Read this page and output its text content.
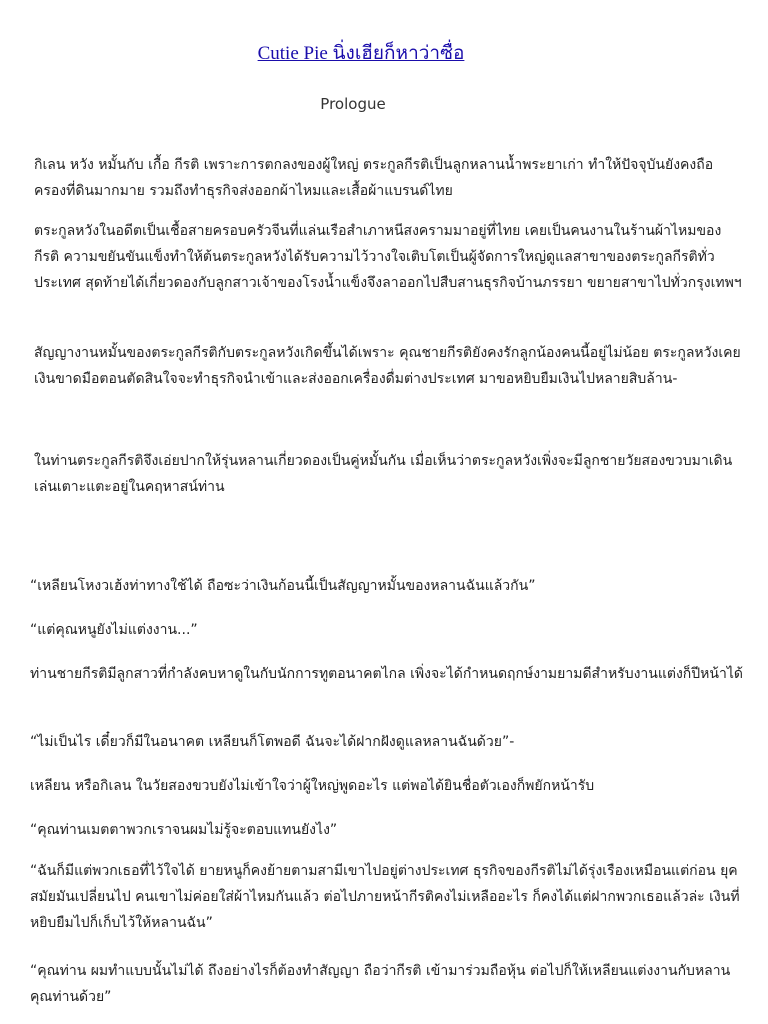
Cutie Pie นิ่งเฮียก็หาว่าซื่อ
Prologue

กิเลน หวัง หมั้นกับ เกื้อ กีรติ เพราะการตกลงของผู้ใหญ่ ตระกูลกีรติเป็นลูกหลานน้ำพระยาเก่า ทำให้ปัจจุบันยังคงถือครองที่ดินมากมาย รวมถึงทำธุรกิจส่งออกผ้าไหมและเสื้อผ้าแบรนด์ไทย

ตระกูลหวังในอดีตเป็นเชื้อสายครอบครัวจีนที่แล่นเรือสำเภาหนีสงครามมาอยู่ที่ไทย เคยเป็นคนงานในร้านผ้าไหมของกีรติ ความขยันขันแข็งทำให้ต้นตระกูลหวังได้รับความไว้วางใจเติบโตเป็นผู้จัดการใหญ่ดูแลสาขาของตระกูลกีรติทั่วประเทศ สุดท้ายได้เกี่ยวดองกับลูกสาวเจ้าของโรงน้ำแข็งจึงลาออกไปสืบสานธุรกิจบ้านภรรยา ขยายสาขาไปทั่วกรุงเทพฯ

สัญญางานหมั้นของตระกูลกีรติกับตระกูลหวังเกิดขึ้นได้เพราะ คุณชายกีรติยังคงรักลูกน้องคนนี้อยู่ไม่น้อย ตระกูลหวังเคยเงินขาดมือตอนตัดสินใจจะทำธุรกิจนำเข้าและส่งออกเครื่องดื่มต่างประเทศ มาขอหยิบยืมเงินไปหลายสิบล้าน-

ในท่านตระกูลกีรติจึงเอ่ยปากให้รุ่นหลานเกี่ยวดองเป็นคู่หมั้นกัน เมื่อเห็นว่าตระกูลหวังเพิ่งจะมีลูกชายวัยสองขวบมาเดินเล่นเตาะแตะอยู่ในคฤหาสน์ท่าน

“เหลียนโหงวเฮ้งท่าทางใช้ได้ ถือซะว่าเงินก้อนนี้เป็นสัญญาหมั้นของหลานฉันแล้วกัน”

“แต่คุณหนูยังไม่แต่งงาน...”

ท่านชายกีรติมีลูกสาวที่กำลังคบหาดูในกับนักการทูตอนาคตไกล เพิ่งจะได้กำหนดฤกษ์งามยามดีสำหรับงานแต่งก็ปีหน้าได้

“ไม่เป็นไร เดี๋ยวก็มีในอนาคต เหลียนก็โตพอดี ฉันจะได้ฝากฝังดูแลหลานฉันด้วย”-

เหลียน หรือกิเลน ในวัยสองขวบยังไม่เข้าใจว่าผู้ใหญ่พูดอะไร แต่พอได้ยินชื่อตัวเองก็พยักหน้ารับ

“คุณท่านเมตตาพวกเราจนผมไม่รู้จะตอบแทนยังไง”

“ฉันก็มีแต่พวกเธอที่ไว้ใจได้ ยายหนูก็คงย้ายตามสามีเขาไปอยู่ต่างประเทศ ธุรกิจของกีรติไม่ได้รุ่งเรืองเหมือนแต่ก่อน ยุคสมัยมันเปลี่ยนไป คนเขาไม่ค่อยใส่ผ้าไหมกันแล้ว ต่อไปภายหน้ากีรติคงไม่เหลืออะไร ก็คงได้แต่ฝากพวกเธอแล้วล่ะ เงินที่หยิบยืมไปก็เก็บไว้ให้หลานฉัน”

“คุณท่าน ผมทำแบบนั้นไม่ได้ ถึงอย่างไรก็ต้องทำสัญญา ถือว่ากีรติ เข้ามาร่วมถือหุ้น ต่อไปก็ให้เหลียนแต่งงานกับหลานคุณท่านด้วย”
